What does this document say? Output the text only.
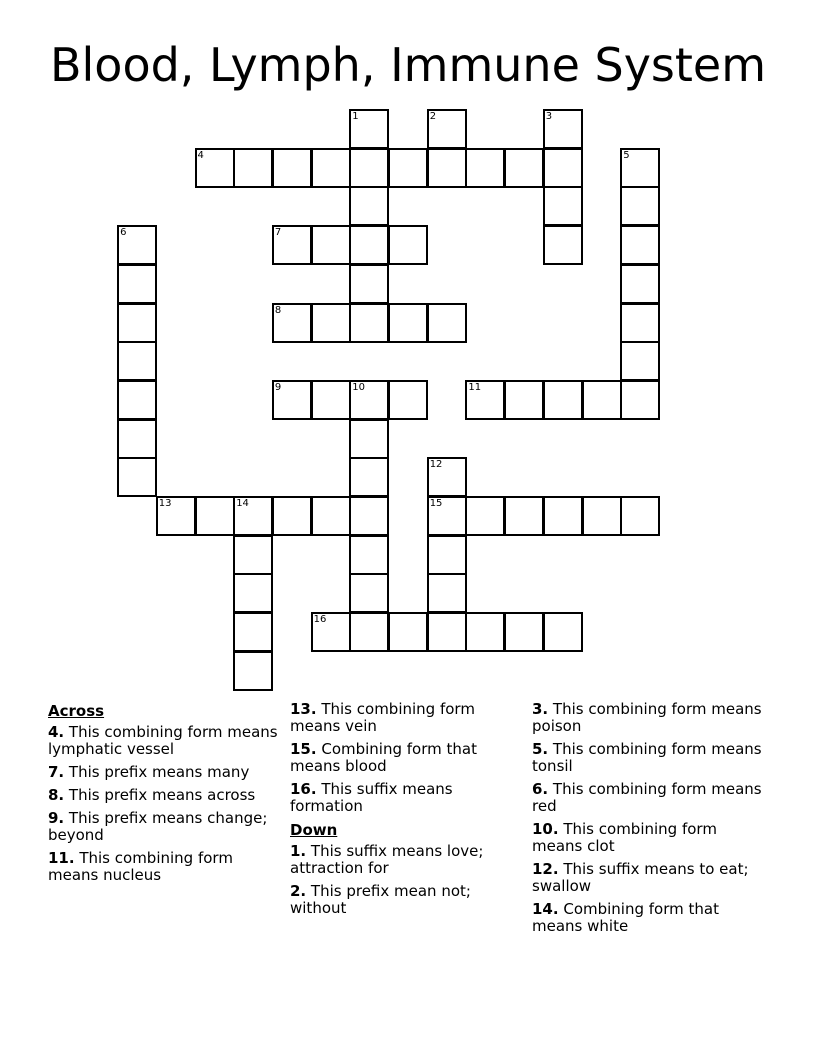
Blood, Lymph, Immune System
1	2	3
4	5
6	7
8
9	10	11
12
13	14	15
16
Across
4. This combining form means lymphatic vessel
7. This prefix means many
8. This prefix means across
9. This prefix means change; beyond
11. This combining form means nucleus
13. This combining form means vein
15. Combining form that means blood
16. This suffix means formation
Down
1. This suffix means love; attraction for
2. This prefix mean not; without
3. This combining form means poison
5. This combining form means tonsil
6. This combining form means red
10. This combining form means clot
12. This suffix means to eat; swallow
14. Combining form that means white
